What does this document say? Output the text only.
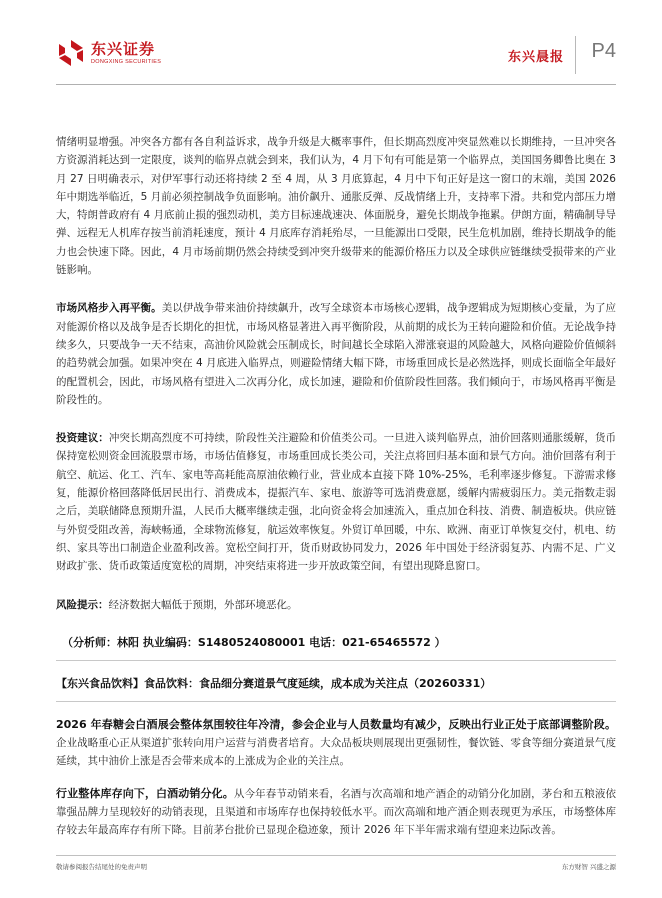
东兴证券
DONGXING SECURITIES	东兴晨报 P4

情绪明显增强。冲突各方都有各自利益诉求，战争升级是大概率事件，但长期高烈度冲突显然难以长期维持，一旦冲突各方资源消耗达到一定限度，谈判的临界点就会到来，我们认为，4 月下旬有可能是第一个临界点，美国国务卿鲁比奥在 3 月 27 日明确表示，对伊军事行动还将持续 2 至 4 周，从 3 月底算起，4 月中下旬正好是这一窗口的末端，美国 2026 年中期选举临近，5 月前必须控制战争负面影响。油价飙升、通胀反弹、反战情绪上升，支持率下滑。共和党内部压力增大，特朗普政府有 4 月底前止损的强烈动机，美方目标速战速决、体面脱身，避免长期战争拖累。伊朗方面，精确制导导弹、远程无人机库存按当前消耗速度，预计 4 月底库存消耗殆尽，一旦能源出口受限，民生危机加剧，维持长期战争的能力也会快速下降。因此，4 月市场前期仍然会持续受到冲突升级带来的能源价格压力以及全球供应链继续受损带来的产业链影响。

市场风格步入再平衡。美以伊战争带来油价持续飙升，改写全球资本市场核心逻辑，战争逻辑成为短期核心变量，为了应对能源价格以及战争是否长期化的担忧，市场风格显著进入再平衡阶段，从前期的成长为王转向避险和价值。无论战争持续多久，只要战争一天不结束，高油价风险就会压制成长，时间越长全球陷入滞涨衰退的风险越大，风格向避险价值倾斜的趋势就会加强。如果冲突在 4 月底进入临界点，则避险情绪大幅下降，市场重回成长是必然选择，则成长面临全年最好的配置机会，因此，市场风格有望进入二次再分化，成长加速，避险和价值阶段性回落。我们倾向于，市场风格再平衡是阶段性的。

投资建议：冲突长期高烈度不可持续，阶段性关注避险和价值类公司。一旦进入谈判临界点，油价回落则通胀缓解，货币保持宽松则资金回流股票市场，市场估值修复，市场重回成长类公司，关注点将回归基本面和景气方向。油价回落有利于航空、航运、化工、汽车、家电等高耗能高原油依赖行业，营业成本直接下降 10%-25%，毛利率逐步修复。下游需求修复，能源价格回落降低居民出行、消费成本，提振汽车、家电、旅游等可选消费意愿，缓解内需疲弱压力。美元指数走弱之后，美联储降息预期升温，人民币大概率继续走强，北向资金将会加速流入，重点加仓科技、消费、制造板块。供应链与外贸受阻改善，海峡畅通，全球物流修复，航运效率恢复。外贸订单回暖，中东、欧洲、南亚订单恢复交付，机电、纺织、家具等出口制造企业盈利改善。宽松空间打开，货币财政协同发力，2026 年中国处于经济弱复苏、内需不足、广义财政扩张、货币政策适度宽松的周期，冲突结束将进一步开放政策空间，有望出现降息窗口。

风险提示：经济数据大幅低于预期，外部环境恶化。

（分析师：林阳 执业编码：S1480524080001 电话：021-65465572 ）

【东兴食品饮料】食品饮料：食品细分赛道景气度延续，成本成为关注点（20260331）

2026 年春糖会白酒展会整体氛围较往年冷清，参会企业与人员数量均有减少，反映出行业正处于底部调整阶段。企业战略重心正从渠道扩张转向用户运营与消费者培育。大众品板块则展现出更强韧性，餐饮链、零食等细分赛道景气度延续，其中油价上涨是否会带来成本的上涨成为企业的关注点。

行业整体库存向下，白酒动销分化。从今年春节动销来看，名酒与次高端和地产酒企的动销分化加剧，茅台和五粮液依靠强品牌力呈现较好的动销表现，且渠道和市场库存也保持较低水平。而次高端和地产酒企则表现更为承压，市场整体库存较去年最高库存有所下降。目前茅台批价已显现企稳迹象，预计 2026 年下半年需求端有望迎来边际改善。

敬请参阅报告结尾处的免责声明	东方财智 兴盛之源
